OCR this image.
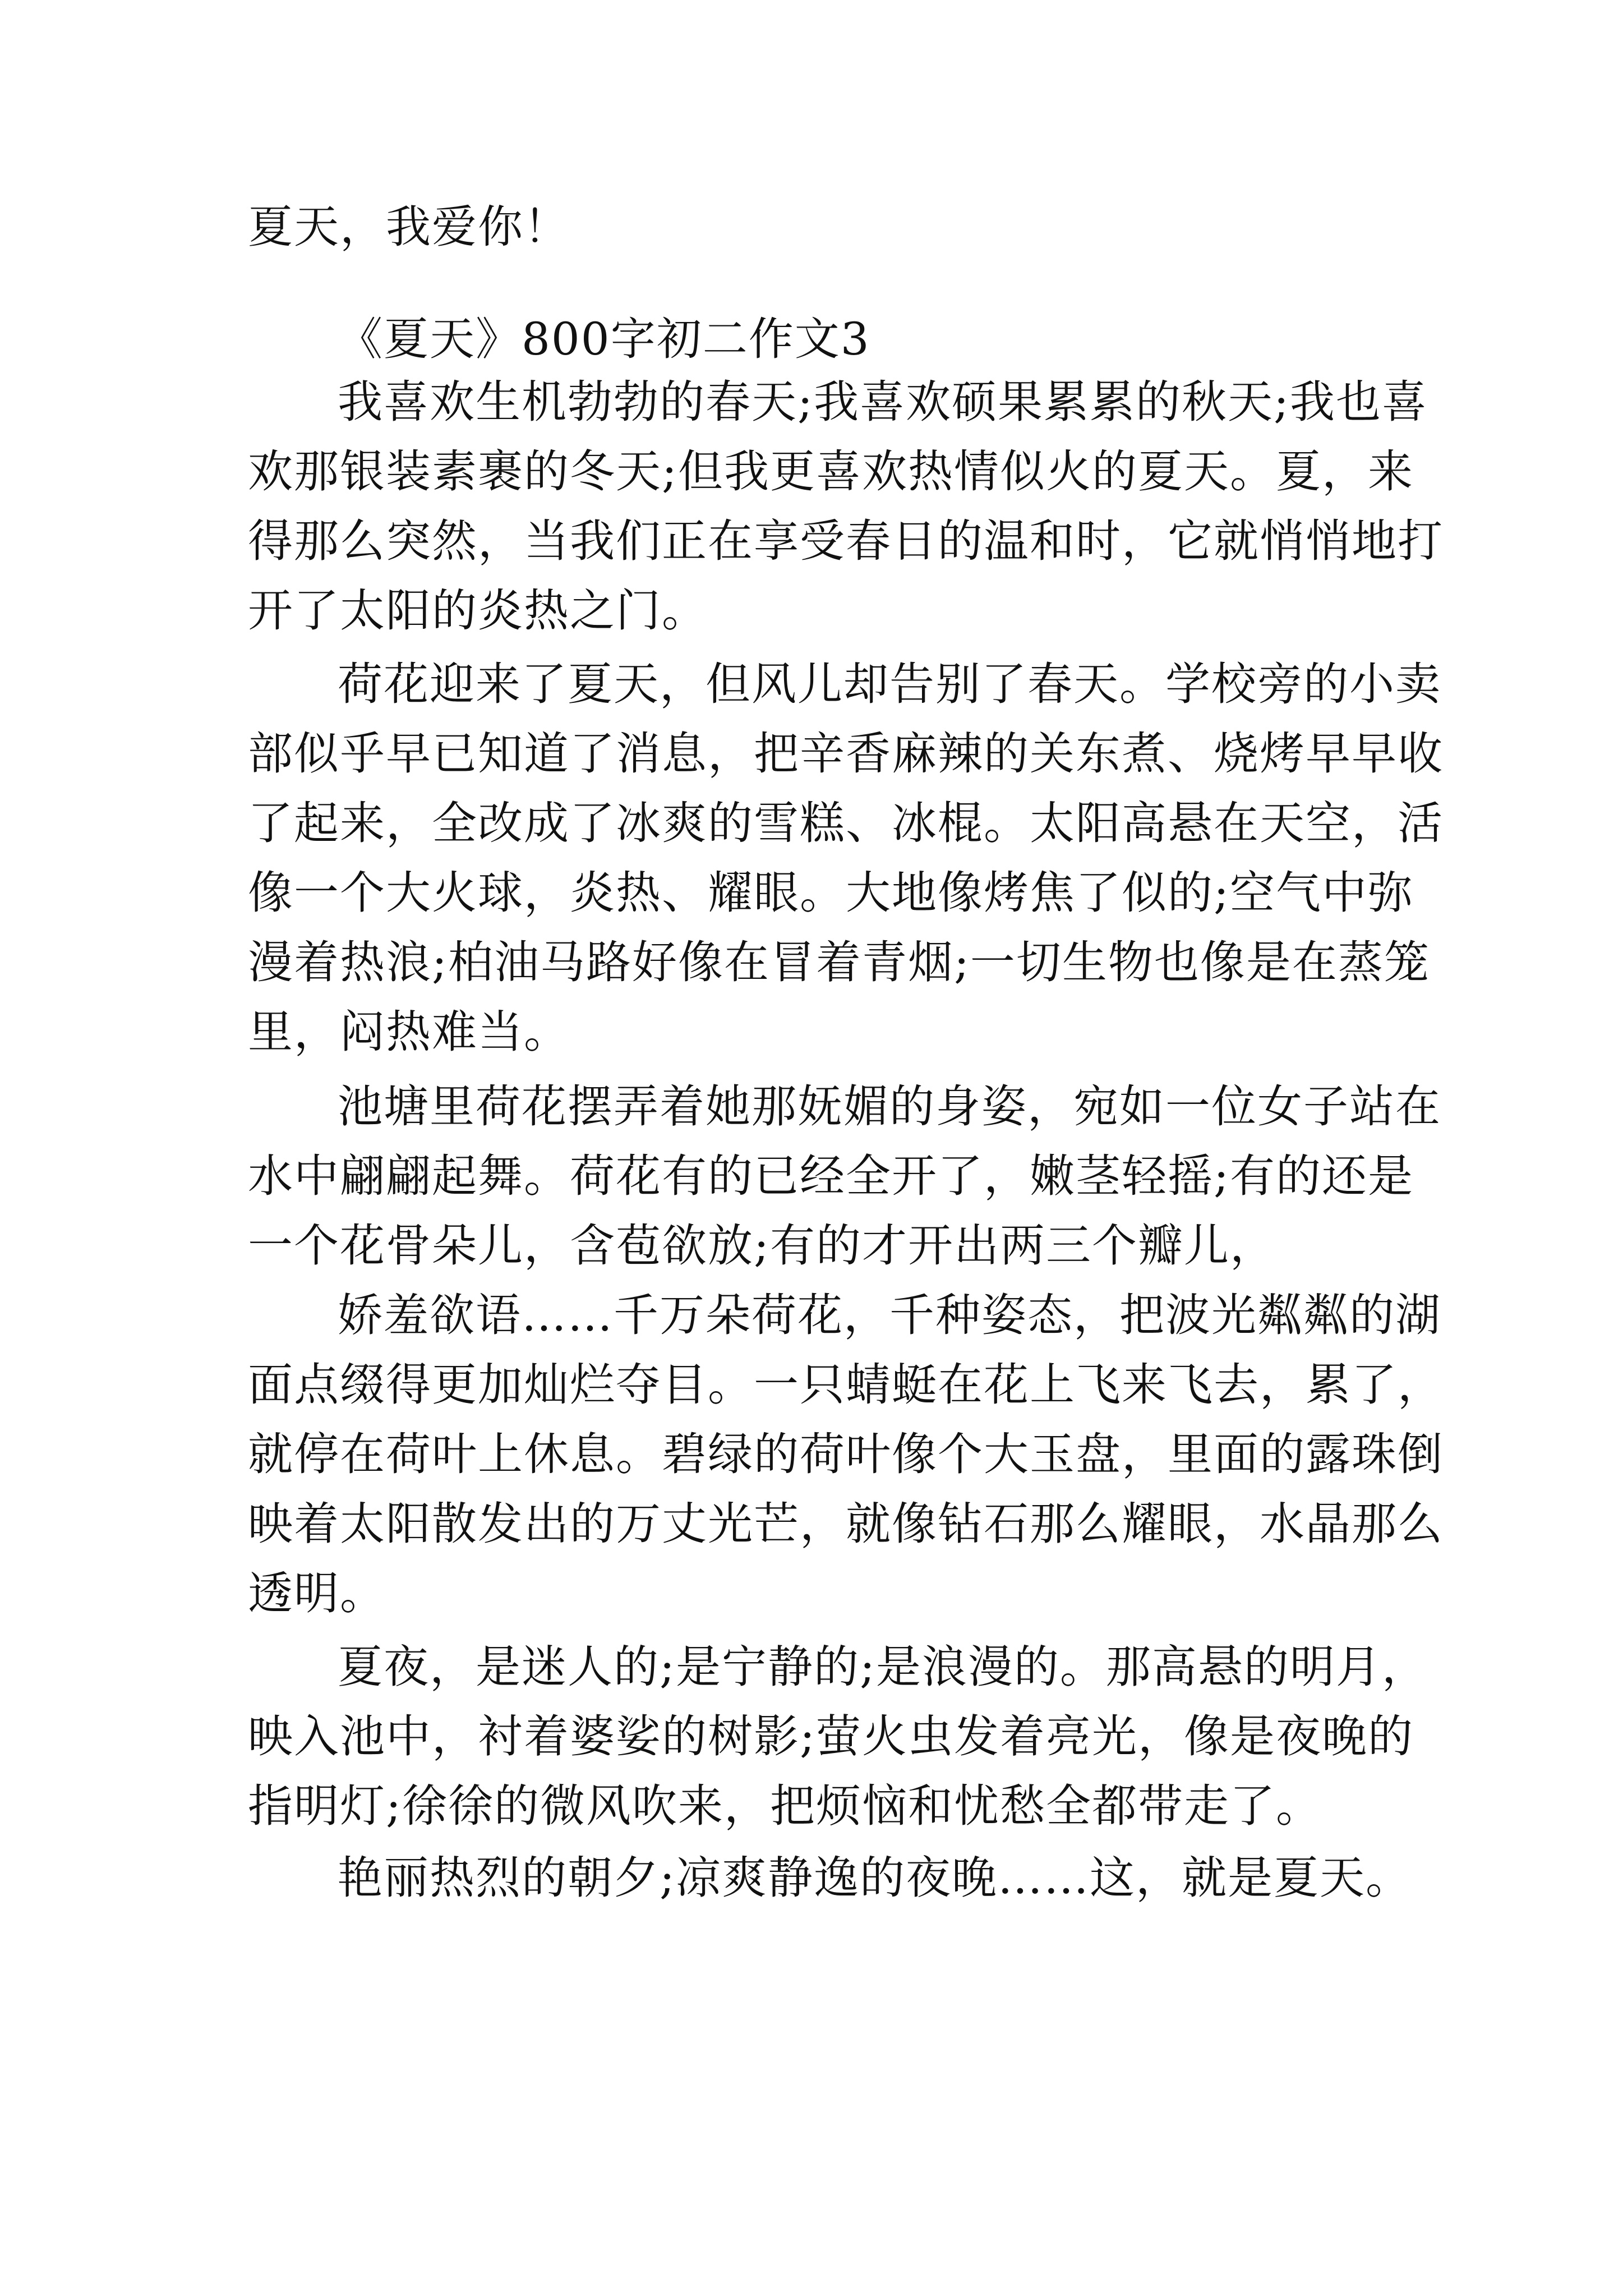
夏天，我爱你！
《夏天》800字初二作文3
我喜欢生机勃勃的春天;我喜欢硕果累累的秋天;我也喜
欢那银装素裹的冬天;但我更喜欢热情似火的夏天。夏，来
得那么突然，当我们正在享受春日的温和时，它就悄悄地打
开了太阳的炎热之门。
荷花迎来了夏天，但风儿却告别了春天。学校旁的小卖
部似乎早已知道了消息，把辛香麻辣的关东煮、烧烤早早收
了起来，全改成了冰爽的雪糕、冰棍。太阳高悬在天空，活
像一个大火球，炎热、耀眼。大地像烤焦了似的;空气中弥
漫着热浪;柏油马路好像在冒着青烟;一切生物也像是在蒸笼
里，闷热难当。
池塘里荷花摆弄着她那妩媚的身姿，宛如一位女子站在
水中翩翩起舞。荷花有的已经全开了，嫩茎轻摇;有的还是
一个花骨朵儿，含苞欲放;有的才开出两三个瓣儿，
娇羞欲语……千万朵荷花，千种姿态，把波光粼粼的湖
面点缀得更加灿烂夺目。一只蜻蜓在花上飞来飞去，累了，
就停在荷叶上休息。碧绿的荷叶像个大玉盘，里面的露珠倒
映着太阳散发出的万丈光芒，就像钻石那么耀眼，水晶那么
透明。
夏夜，是迷人的;是宁静的;是浪漫的。那高悬的明月，
映入池中，衬着婆娑的树影;萤火虫发着亮光，像是夜晚的
指明灯;徐徐的微风吹来，把烦恼和忧愁全都带走了。
艳丽热烈的朝夕;凉爽静逸的夜晚……这，就是夏天。
